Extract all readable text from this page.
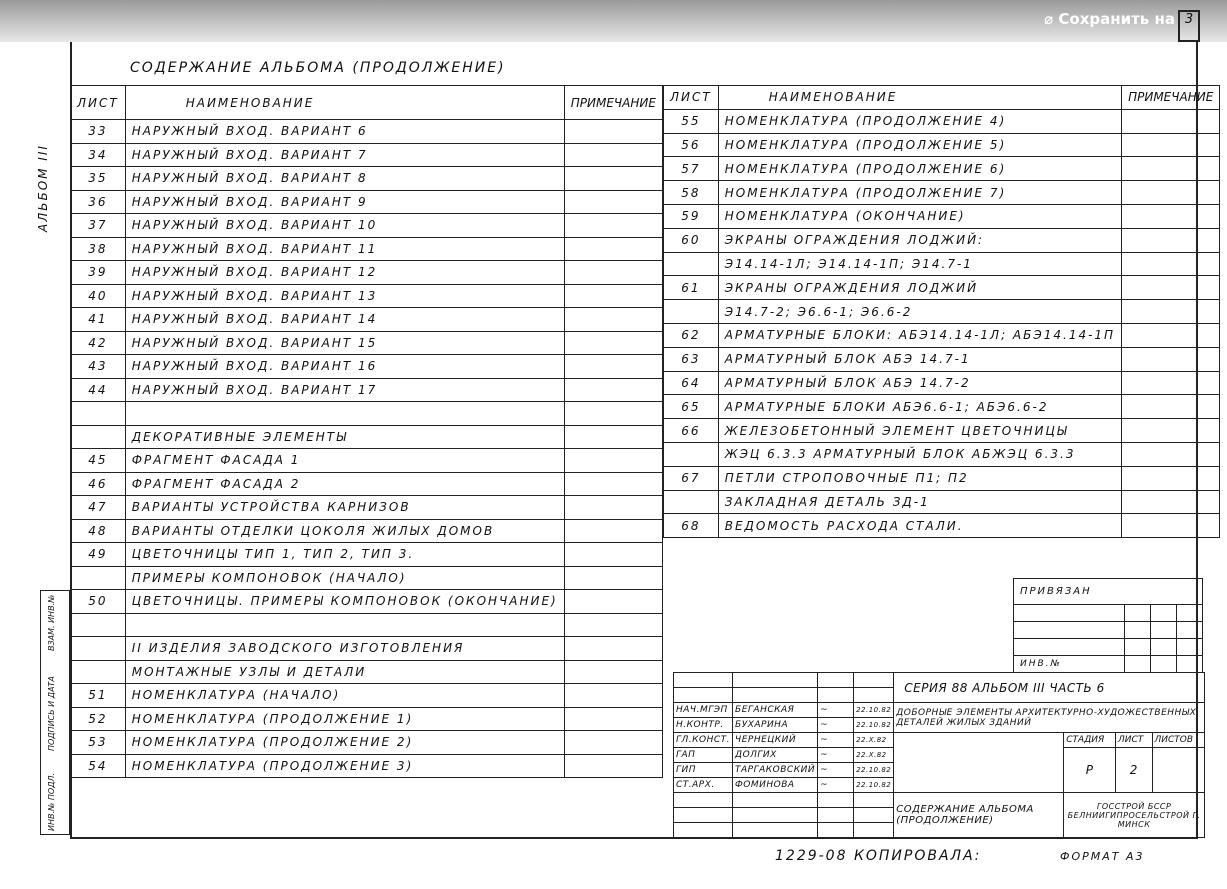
⌀ Сохранить на 3
АЛЬБОМ III
ИНВ.№ ПОДЛ.
ПОДПИСЬ И ДАТА
ВЗАМ. ИНВ.№
СОДЕРЖАНИЕ АЛЬБОМА (ПРОДОЛЖЕНИЕ)
ЛИСТ	НАИМЕНОВАНИЕ	ПРИМЕЧАНИЕ
33	НАРУЖНЫЙ ВХОД. ВАРИАНТ 6	
34	НАРУЖНЫЙ ВХОД. ВАРИАНТ 7	
35	НАРУЖНЫЙ ВХОД. ВАРИАНТ 8	
36	НАРУЖНЫЙ ВХОД. ВАРИАНТ 9	
37	НАРУЖНЫЙ ВХОД. ВАРИАНТ 10	
38	НАРУЖНЫЙ ВХОД. ВАРИАНТ 11	
39	НАРУЖНЫЙ ВХОД. ВАРИАНТ 12	
40	НАРУЖНЫЙ ВХОД. ВАРИАНТ 13	
41	НАРУЖНЫЙ ВХОД. ВАРИАНТ 14	
42	НАРУЖНЫЙ ВХОД. ВАРИАНТ 15	
43	НАРУЖНЫЙ ВХОД. ВАРИАНТ 16	
44	НАРУЖНЫЙ ВХОД. ВАРИАНТ 17	

	ДЕКОРАТИВНЫЕ ЭЛЕМЕНТЫ	
45	ФРАГМЕНТ ФАСАДА 1	
46	ФРАГМЕНТ ФАСАДА 2	
47	ВАРИАНТЫ УСТРОЙСТВА КАРНИЗОВ	
48	ВАРИАНТЫ ОТДЕЛКИ ЦОКОЛЯ ЖИЛЫХ ДОМОВ	
49	ЦВЕТОЧНИЦЫ ТИП 1, ТИП 2, ТИП 3.	
	ПРИМЕРЫ КОМПОНОВОК (НАЧАЛО)	
50	ЦВЕТОЧНИЦЫ. ПРИМЕРЫ КОМПОНОВОК (ОКОНЧАНИЕ)	

	II ИЗДЕЛИЯ ЗАВОДСКОГО ИЗГОТОВЛЕНИЯ	
	МОНТАЖНЫЕ УЗЛЫ И ДЕТАЛИ	
51	НОМЕНКЛАТУРА (НАЧАЛО)	
52	НОМЕНКЛАТУРА (ПРОДОЛЖЕНИЕ 1)	
53	НОМЕНКЛАТУРА (ПРОДОЛЖЕНИЕ 2)	
54	НОМЕНКЛАТУРА (ПРОДОЛЖЕНИЕ 3)	
ЛИСТ	НАИМЕНОВАНИЕ	ПРИМЕЧАНИЕ
55	НОМЕНКЛАТУРА (ПРОДОЛЖЕНИЕ 4)	
56	НОМЕНКЛАТУРА (ПРОДОЛЖЕНИЕ 5)	
57	НОМЕНКЛАТУРА (ПРОДОЛЖЕНИЕ 6)	
58	НОМЕНКЛАТУРА (ПРОДОЛЖЕНИЕ 7)	
59	НОМЕНКЛАТУРА (ОКОНЧАНИЕ)	
60	ЭКРАНЫ ОГРАЖДЕНИЯ ЛОДЖИЙ:	
	Э14.14-1Л; Э14.14-1П; Э14.7-1	
61	ЭКРАНЫ ОГРАЖДЕНИЯ ЛОДЖИЙ	
	Э14.7-2; Э6.6-1; Э6.6-2	
62	АРМАТУРНЫЕ БЛОКИ: АБЭ14.14-1Л; АБЭ14.14-1П	
63	АРМАТУРНЫЙ БЛОК АБЭ 14.7-1	
64	АРМАТУРНЫЙ БЛОК АБЭ 14.7-2	
65	АРМАТУРНЫЕ БЛОКИ АБЭ6.6-1; АБЭ6.6-2	
66	ЖЕЛЕЗОБЕТОННЫЙ ЭЛЕМЕНТ ЦВЕТОЧНИЦЫ	
	ЖЭЦ 6.3.3 АРМАТУРНЫЙ БЛОК АБЖЭЦ 6.3.3	
67	ПЕТЛИ СТРОПОВОЧНЫЕ П1; П2	
	ЗАКЛАДНАЯ ДЕТАЛЬ ЗД-1	
68	ВЕДОМОСТЬ РАСХОДА СТАЛИ.	
ПРИВЯЗАН			

ИНВ.№			
				СЕРИЯ 88 АЛЬБОМ III ЧАСТЬ 6			

НАЧ.МГЭП	БЕГАНСКАЯ	~	22.10.82	ДОБОРНЫЕ ЭЛЕМЕНТЫ АРХИТЕКТУРНО-ХУДОЖЕСТВЕННЫХ ДЕТАЛЕЙ ЖИЛЫХ ЗДАНИЙ			
Н.КОНТР.	БУХАРИНА	~	22.10.82				
ГЛ.КОНСТ.	ЧЕРНЕЦКИЙ	~	22.X.82		СТАДИЯ	ЛИСТ	ЛИСТОВ
ГАП	ДОЛГИХ	~	22.X.82		Р	2	
ГИП	ТАРГАКОВСКИЙ	~	22.10.82				
СТ.АРХ.	ФОМИНОВА	~	22.10.82				
				СОДЕРЖАНИЕ АЛЬБОМА (ПРОДОЛЖЕНИЕ)	ГОССТРОЙ БССР БЕЛНИИГИПРОСЕЛЬСТРОЙ Г. МИНСК		

1229-08 КОПИРОВАЛА:	ФОРМАТ А3
